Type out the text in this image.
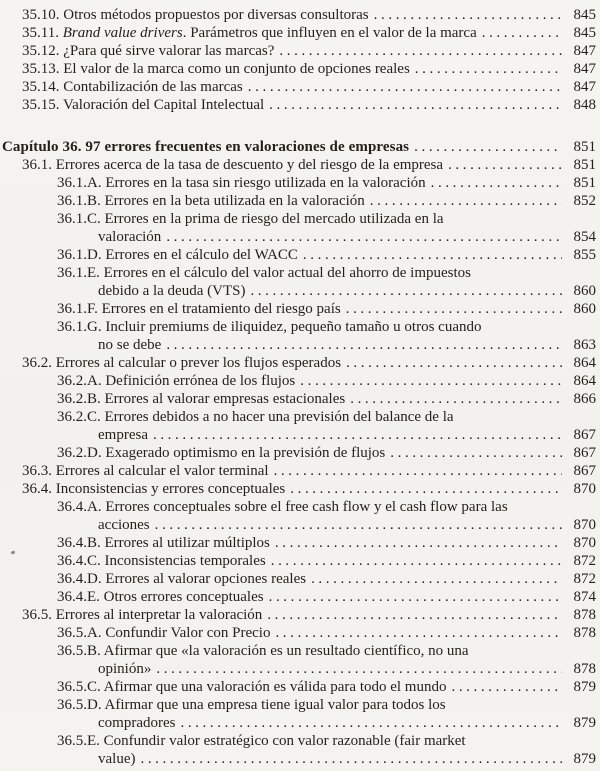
35.10. Otros métodos propuestos por diversas consultoras .....	845
35.11. Brand value drivers. Parámetros que influyen en el valor de la marca .....	845
35.12. ¿Para qué sirve valorar las marcas? .....	847
35.13. El valor de la marca como un conjunto de opciones reales .....	847
35.14. Contabilización de las marcas .....	847
35.15. Valoración del Capital Intelectual .....	848
Capítulo 36. 97 errores frecuentes en valoraciones de empresas .....	851
36.1. Errores acerca de la tasa de descuento y del riesgo de la empresa .....	851
36.1.A. Errores en la tasa sin riesgo utilizada en la valoración .....	851
36.1.B. Errores en la beta utilizada en la valoración .....	852
36.1.C. Errores en la prima de riesgo del mercado utilizada en la
valoración .....	854
36.1.D. Errores en el cálculo del WACC .....	855
36.1.E. Errores en el cálculo del valor actual del ahorro de impuestos
debido a la deuda (VTS) .....	860
36.1.F. Errores en el tratamiento del riesgo país .....	860
36.1.G. Incluir premiums de iliquidez, pequeño tamaño u otros cuando
no se debe .....	863
36.2. Errores al calcular o prever los flujos esperados .....	864
36.2.A. Definición errónea de los flujos .....	864
36.2.B. Errores al valorar empresas estacionales .....	866
36.2.C. Errores debidos a no hacer una previsión del balance de la
empresa .....	867
36.2.D. Exagerado optimismo en la previsión de flujos .....	867
36.3. Errores al calcular el valor terminal .....	867
36.4. Inconsistencias y errores conceptuales .....	870
36.4.A. Errores conceptuales sobre el free cash flow y el cash flow para las
acciones .....	870
36.4.B. Errores al utilizar múltiplos .....	870
36.4.C. Inconsistencias temporales .....	872
36.4.D. Errores al valorar opciones reales .....	872
36.4.E. Otros errores conceptuales .....	874
36.5. Errores al interpretar la valoración .....	878
36.5.A. Confundir Valor con Precio .....	878
36.5.B. Afirmar que «la valoración es un resultado científico, no una
opinión» .....	878
36.5.C. Afirmar que una valoración es válida para todo el mundo .....	879
36.5.D. Afirmar que una empresa tiene igual valor para todos los
compradores .....	879
36.5.E. Confundir valor estratégico con valor razonable (fair market
value) .....	879
